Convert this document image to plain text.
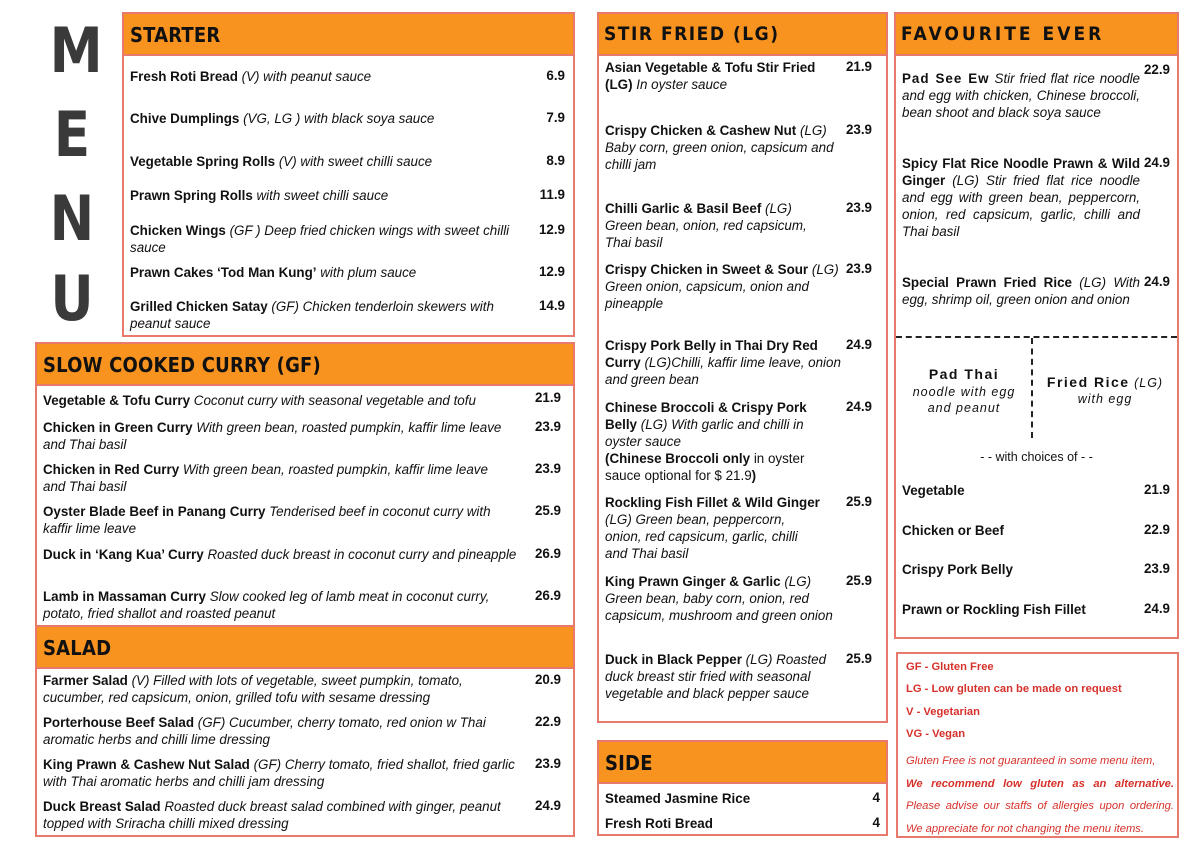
M
E
N
U
STARTER
Fresh Roti Bread (V) with peanut sauce	6.9
Chive Dumplings (VG, LG ) with black soya sauce	7.9
Vegetable Spring Rolls (V) with sweet chilli sauce	8.9
Prawn Spring Rolls with sweet chilli sauce	11.9
Chicken Wings (GF ) Deep fried chicken wings with sweet chilli sauce
12.9
Prawn Cakes ‘Tod Man Kung’ with plum sauce	12.9
Grilled Chicken Satay (GF) Chicken tenderloin skewers with peanut sauce
14.9
SLOW COOKED CURRY (GF)
Vegetable & Tofu Curry Coconut curry with seasonal vegetable and tofu	21.9
Chicken in Green Curry With green bean, roasted pumpkin, kaffir lime leave and Thai basil
23.9
Chicken in Red Curry With green bean, roasted pumpkin, kaffir lime leave and Thai basil
23.9
Oyster Blade Beef in Panang Curry Tenderised beef in coconut curry with kaffir lime leave
25.9
Duck in ‘Kang Kua’ Curry Roasted duck breast in coconut curry and pineapple	26.9
Lamb in Massaman Curry Slow cooked leg of lamb meat in coconut curry, potato, fried shallot and roasted peanut
26.9
SALAD
Farmer Salad (V) Filled with lots of vegetable, sweet pumpkin, tomato, cucumber, red capsicum, onion, grilled tofu with sesame dressing
20.9
Porterhouse Beef Salad (GF) Cucumber, cherry tomato, red onion w Thai aromatic herbs and chilli lime dressing
22.9
King Prawn & Cashew Nut Salad (GF) Cherry tomato, fried shallot, fried garlic with Thai aromatic herbs and chilli jam dressing
23.9
Duck Breast Salad Roasted duck breast salad combined with ginger, peanut topped with Sriracha chilli mixed dressing
24.9
STIR FRIED (LG)
Asian Vegetable & Tofu Stir Fried (LG) In oyster sauce
21.9
Crispy Chicken & Cashew Nut (LG) Baby corn, green onion, capsicum and chilli jam
23.9
Chilli Garlic & Basil Beef (LG) Green bean, onion, red capsicum, Thai basil
23.9
Crispy Chicken in Sweet & Sour (LG) Green onion, capsicum, onion and pineapple
23.9
Crispy Pork Belly in Thai Dry Red Curry (LG)Chilli, kaffir lime leave, onion and green bean
24.9
Chinese Broccoli & Crispy Pork Belly (LG) With garlic and chilli in oyster sauce
(Chinese Broccoli only in oyster sauce optional for $ 21.9)
24.9
Rockling Fish Fillet & Wild Ginger (LG) Green bean, peppercorn, onion, red capsicum, garlic, chilli and Thai basil
25.9
King Prawn Ginger & Garlic (LG) Green bean, baby corn, onion, red capsicum, mushroom and green onion
25.9
Duck in Black Pepper (LG) Roasted duck breast stir fried with seasonal vegetable and black pepper sauce
25.9
SIDE
Steamed Jasmine Rice	4
Fresh Roti Bread	4
FAVOURITE EVER
Pad See Ew Stir fried flat rice noodle and egg with chicken, Chinese broccoli, bean shoot and black soya sauce
22.9
Spicy Flat Rice Noodle Prawn & Wild Ginger (LG) Stir fried flat rice noodle and egg with green bean, peppercorn, onion, red capsicum, garlic, chilli and Thai basil
24.9
Special Prawn Fried Rice (LG) With egg, shrimp oil, green onion and onion
24.9
Pad Thai
noodle with egg and peanut
Fried Rice (LG)
with egg
- - with choices of - -
Vegetable	21.9
Chicken or Beef	22.9
Crispy Pork Belly	23.9
Prawn or Rockling Fish Fillet	24.9
GF - Gluten Free
LG - Low gluten can be made on request
V - Vegetarian
VG - Vegan
Gluten Free is not guaranteed in some menu item,
We recommend low gluten as an alternative. Please advise our staffs of allergies upon ordering. We appreciate for not changing the menu items.
